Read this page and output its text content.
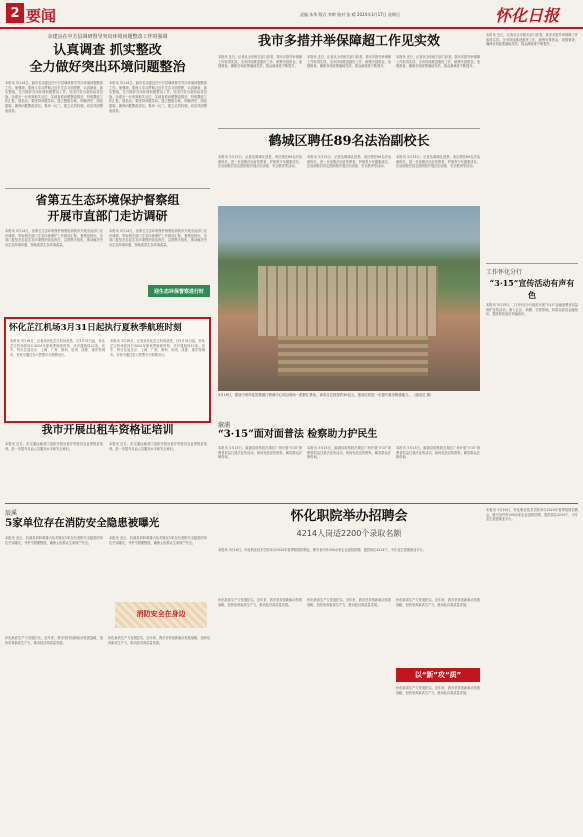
2 要闻	责编 朱华 版式 李婷 校对 张 晴 2024年3月17日 星期日	怀化日报
余建良在中方县调研督导突出环境问题整改工作时强调
认真调查 抓实整改
全力做好突出环境问题整治
本报讯 3月14日，副市长余建良在中方县调研督导突出环境问题整改工作。他强调，要深入学习贯彻习近平生态文明思想，认真调查、抓实整改，全力做好突出环境问题整治工作，坚决打好污染防治攻坚战。余建良一行来到相关点位，实地查看问题整改情况，听取整改工作汇报。他指出，要坚持问题导向，建立整改台账，明确责任、细化措施，确保问题整改到位。要举一反三，建立长效机制，切实巩固整改成效。
本报讯 3月14日，副市长余建良在中方县调研督导突出环境问题整改工作。他强调，要深入学习贯彻习近平生态文明思想，认真调查、抓实整改，全力做好突出环境问题整治工作，坚决打好污染防治攻坚战。余建良一行来到相关点位，实地查看问题整改情况，听取整改工作汇报。他指出，要坚持问题导向，建立整改台账，明确责任、细化措施，确保问题整改到位。要举一反三，建立长效机制，切实巩固整改成效。
省第五生态环境保护督察组
开展市直部门走访调研
本报讯 3月14日，省第五生态环境保护督察组到我市开展市直部门走访调研，听取相关部门生态环境保护工作情况汇报。督察组指出，各部门要坚决扛起生态环境保护政治责任，以督察为契机，推动解决突出生态环境问题，持续改善生态环境质量。
本报讯 3月14日，省第五生态环境保护督察组到我市开展市直部门走访调研，听取相关部门生态环境保护工作情况汇报。督察组指出，各部门要坚决扛起生态环境保护政治责任，以督察为契机，推动解决突出生态环境问题，持续改善生态环境质量。
迎生态环保督察进行时
怀化芷江机场3月31日起执行夏秋季航班时刻
本报讯 3月16日，记者从怀化芷江机场获悉，自3月31日起，怀化芷江机场将执行2024年夏秋季航班时刻，共开通航线12条。其中，每日往返北京、上海、广州、深圳、杭州、成都、重庆等城市。市民可通过各大售票平台购票出行。
本报讯 3月16日，记者从怀化芷江机场获悉，自3月31日起，怀化芷江机场将执行2024年夏秋季航班时刻，共开通航线12条。其中，每日往返北京、上海、广州、深圳、杭州、成都、重庆等城市。市民可通过各大售票平台购票出行。
我市多措并举保障超工作见实效
本报讯 近日，记者从全市相关部门获悉，我市多措并举保障工作取得实效。全市持续推进惠民工作，统筹安排资金，加强督查，确保各项政策落地见效，群众满意度不断提升。
本报讯 近日，记者从全市相关部门获悉，我市多措并举保障工作取得实效。全市持续推进惠民工作，统筹安排资金，加强督查，确保各项政策落地见效，群众满意度不断提升。
本报讯 近日，记者从全市相关部门获悉，我市多措并举保障工作取得实效。全市持续推进惠民工作，统筹安排资金，加强督查，确保各项政策落地见效，群众满意度不断提升。
鹤城区聘任89名法治副校长
本报讯 3月15日，记者从鹤城区获悉，该区聘任89名法治副校长，进一步加强法治宣传教育，护航青少年健康成长。法治副校长将定期到校开展法治讲座、安全教育等活动。
本报讯 3月15日，记者从鹤城区获悉，该区聘任89名法治副校长，进一步加强法治宣传教育，护航青少年健康成长。法治副校长将定期到校开展法治讲座、安全教育等活动。
本报讯 3月15日，记者从鹤城区获悉，该区聘任89名法治副校长，进一步加强法治宣传教育，护航青少年健康成长。法治副校长将定期到校开展法治讲座、安全教育等活动。
3月16日，建设中的怀化智慧港口物流中心项目现场一派繁忙景象。该项目总投资约30亿元，建成后将进一步提升我市物流能力。（通讯员 摄）
本报讯 近日，记者从全市相关部门获悉，我市多措并举保障工作取得实效。全市持续推进惠民工作，统筹安排资金，加强督查，确保各项政策落地见效，群众满意度不断提升。
工作怀化分行
“3·15”宣传活动有声有色
本报讯 3月15日，工行怀化分行组织开展“3·15”金融消费者权益保护宣传活动，深入社区、商圈、学校等地，向群众普及金融知识，提高防范电信诈骗意识。
溆浦
“3·15”面对面普法 检察助力护民生
本报讯 3月15日，溆浦县检察院在城区广场开展“3·15”消费者权益日普法宣传活动，现场发放宣传资料，解答群众法律咨询。
本报讯 3月15日，溆浦县检察院在城区广场开展“3·15”消费者权益日普法宣传活动，现场发放宣传资料，解答群众法律咨询。
本报讯 3月15日，溆浦县检察院在城区广场开展“3·15”消费者权益日普法宣传活动，现场发放宣传资料，解答群众法律咨询。
我市开展出租车资格证培训
本报讯 近日，市交通运输部门组织开展出租车驾驶员从业资格证培训，进一步提升从业人员服务水平和安全意识。
本报讯 近日，市交通运输部门组织开展出租车驾驶员从业资格证培训，进一步提升从业人员服务水平和安全意识。
辰溪
5家单位存在消防安全隐患被曝光
本报讯 近日，辰溪县消防救援大队对辖区5家存在消防安全隐患的单位予以曝光，并责令限期整改，确保人民群众生命财产安全。
本报讯 近日，辰溪县消防救援大队对辖区5家存在消防安全隐患的单位予以曝光，并责令限期整改，确保人民群众生命财产安全。
消防安全在身边
怀化职院举办招聘会
4214人岗适2200个录取名额
本报讯 3月16日，怀化职业技术学院举办2024年春季校园招聘会，吸引省内外200余家企业进校招聘，提供岗位4214个，为毕业生搭建就业平台。
怀化新质生产力发展纪实。近年来，我市坚持创新驱动发展战略，加快培育新质生产力，推动经济高质量发展。
怀化新质生产力发展纪实。近年来，我市坚持创新驱动发展战略，加快培育新质生产力，推动经济高质量发展。
怀化新质生产力发展纪实。近年来，我市坚持创新驱动发展战略，加快培育新质生产力，推动经济高质量发展。
怀化新质生产力发展纪实。近年来，我市坚持创新驱动发展战略，加快培育新质生产力，推动经济高质量发展。
以“新”攻“质”
怀化新质生产力发展纪实。近年来，我市坚持创新驱动发展战略，加快培育新质生产力，推动经济高质量发展。
怀化新质生产力发展纪实。近年来，我市坚持创新驱动发展战略，加快培育新质生产力，推动经济高质量发展。
本报讯 3月16日，怀化职业技术学院举办2024年春季校园招聘会，吸引省内外200余家企业进校招聘，提供岗位4214个，为毕业生搭建就业平台。
